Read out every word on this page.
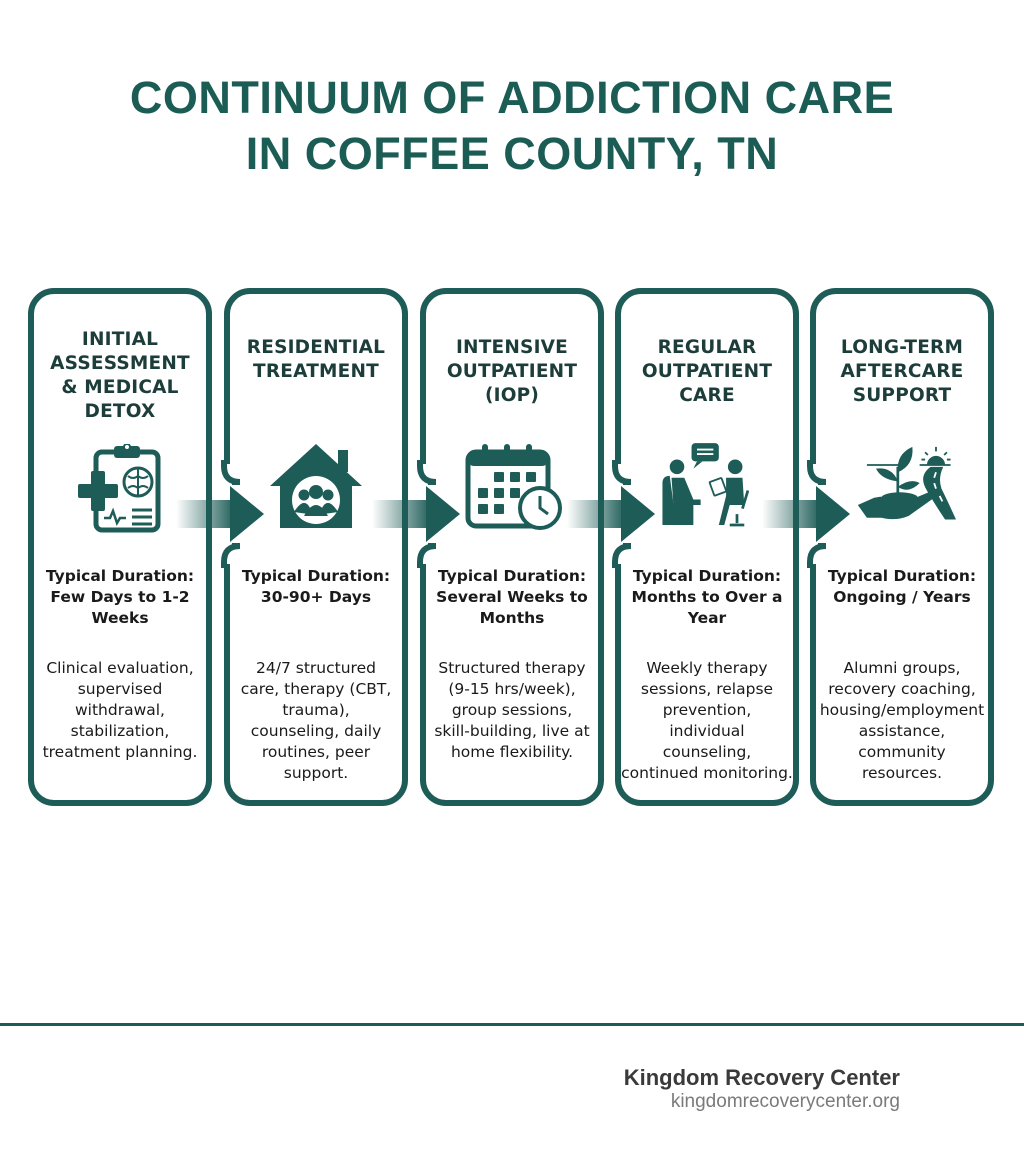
CONTINUUM OF ADDICTION CARE
IN COFFEE COUNTY, TN
INITIAL
ASSESSMENT
& MEDICAL
DETOX
Typical Duration:
Few Days to 1-2
Weeks
Clinical evaluation,
supervised
withdrawal,
stabilization,
treatment planning.
RESIDENTIAL
TREATMENT
Typical Duration:
30-90+ Days
24/7 structured
care, therapy (CBT,
trauma),
counseling, daily
routines, peer
support.
INTENSIVE
OUTPATIENT
(IOP)
Typical Duration:
Several Weeks to
Months
Structured therapy
(9-15 hrs/week),
group sessions,
skill-building, live at
home flexibility.
REGULAR
OUTPATIENT
CARE
Typical Duration:
Months to Over a
Year
Weekly therapy
sessions, relapse
prevention,
individual
counseling,
continued monitoring.
LONG-TERM
AFTERCARE
SUPPORT
Typical Duration:
Ongoing / Years
Alumni groups,
recovery coaching,
housing/employment
assistance,
community
resources.
Kingdom Recovery Center
kingdomrecoverycenter.org
